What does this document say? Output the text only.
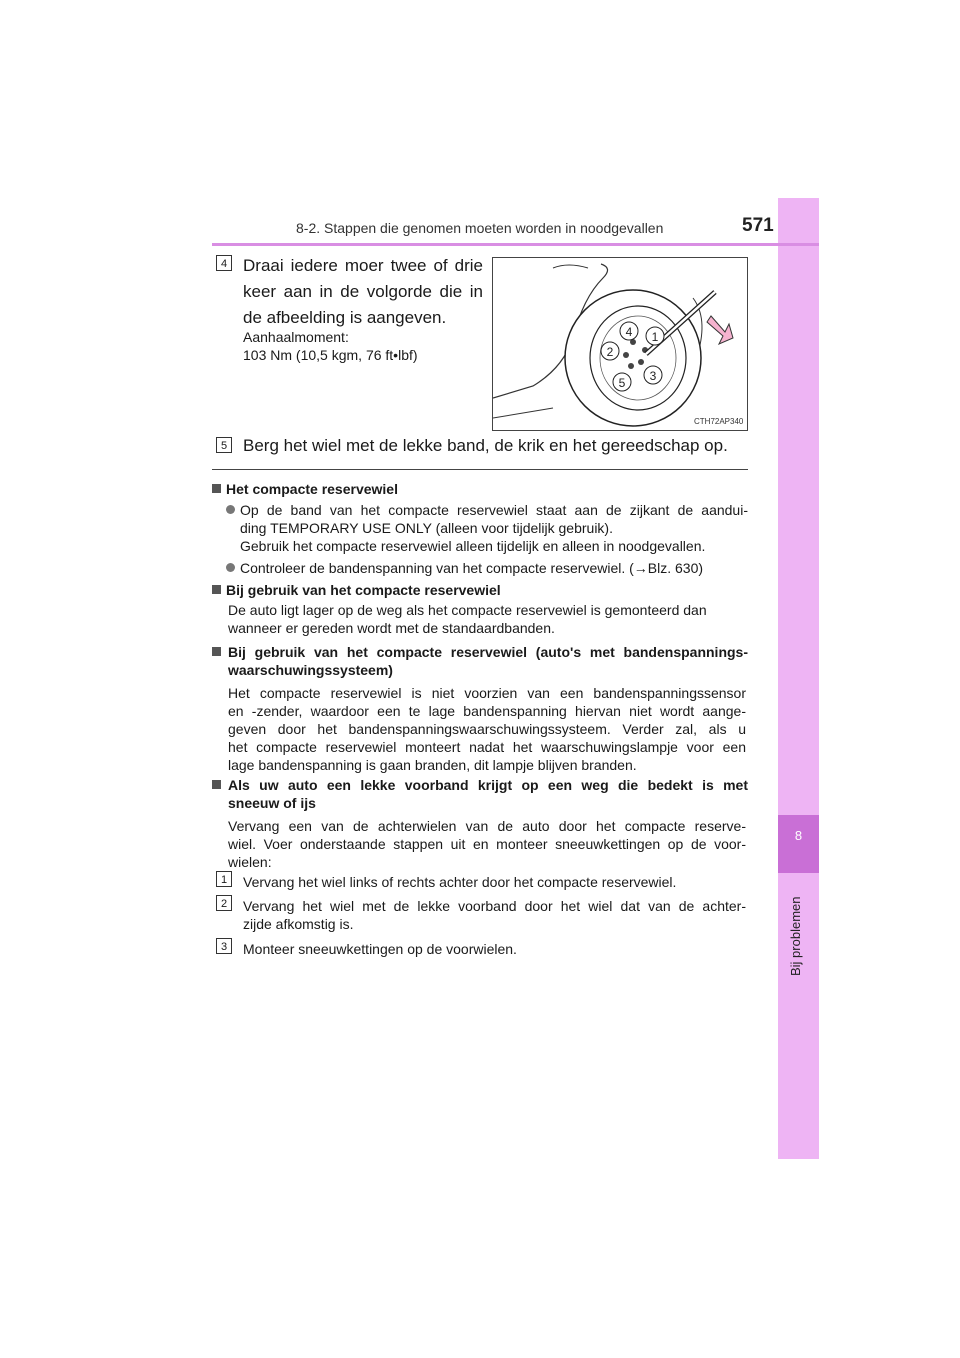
8
Bij problemen
8-2. Stappen die genomen moeten worden in noodgevallen	571
4 Draai iedere moer twee of drie
keer aan in de volgorde die in
de afbeelding is aangeven.
Aanhaalmoment:
103 Nm (10,5 kgm, 76 ft•lbf)
4 1
2
3
5
CTH72AP340
5 Berg het wiel met de lekke band, de krik en het gereedschap op.
Het compacte reservewiel
Op de band van het compacte reservewiel staat aan de zijkant de aandui-
ding TEMPORARY USE ONLY (alleen voor tijdelijk gebruik).
Gebruik het compacte reservewiel alleen tijdelijk en alleen in noodgevallen.
Controleer de bandenspanning van het compacte reservewiel. (→Blz. 630)
Bij gebruik van het compacte reservewiel
De auto ligt lager op de weg als het compacte reservewiel is gemonteerd dan
wanneer er gereden wordt met de standaardbanden.
Bij gebruik van het compacte reservewiel (auto's met bandenspannings-
waarschuwingssysteem)
Het compacte reservewiel is niet voorzien van een bandenspanningssensor
en -zender, waardoor een te lage bandenspanning hiervan niet wordt aange-
geven door het bandenspanningswaarschuwingssysteem. Verder zal, als u
het compacte reservewiel monteert nadat het waarschuwingslampje voor een
lage bandenspanning is gaan branden, dit lampje blijven branden.
Als uw auto een lekke voorband krijgt op een weg die bedekt is met
sneeuw of ijs
Vervang een van de achterwielen van de auto door het compacte reserve-
wiel. Voer onderstaande stappen uit en monteer sneeuwkettingen op de voor-
wielen:
1	Vervang het wiel links of rechts achter door het compacte reservewiel.
2	Vervang het wiel met de lekke voorband door het wiel dat van de achter-
zijde afkomstig is.
3	Monteer sneeuwkettingen op de voorwielen.
